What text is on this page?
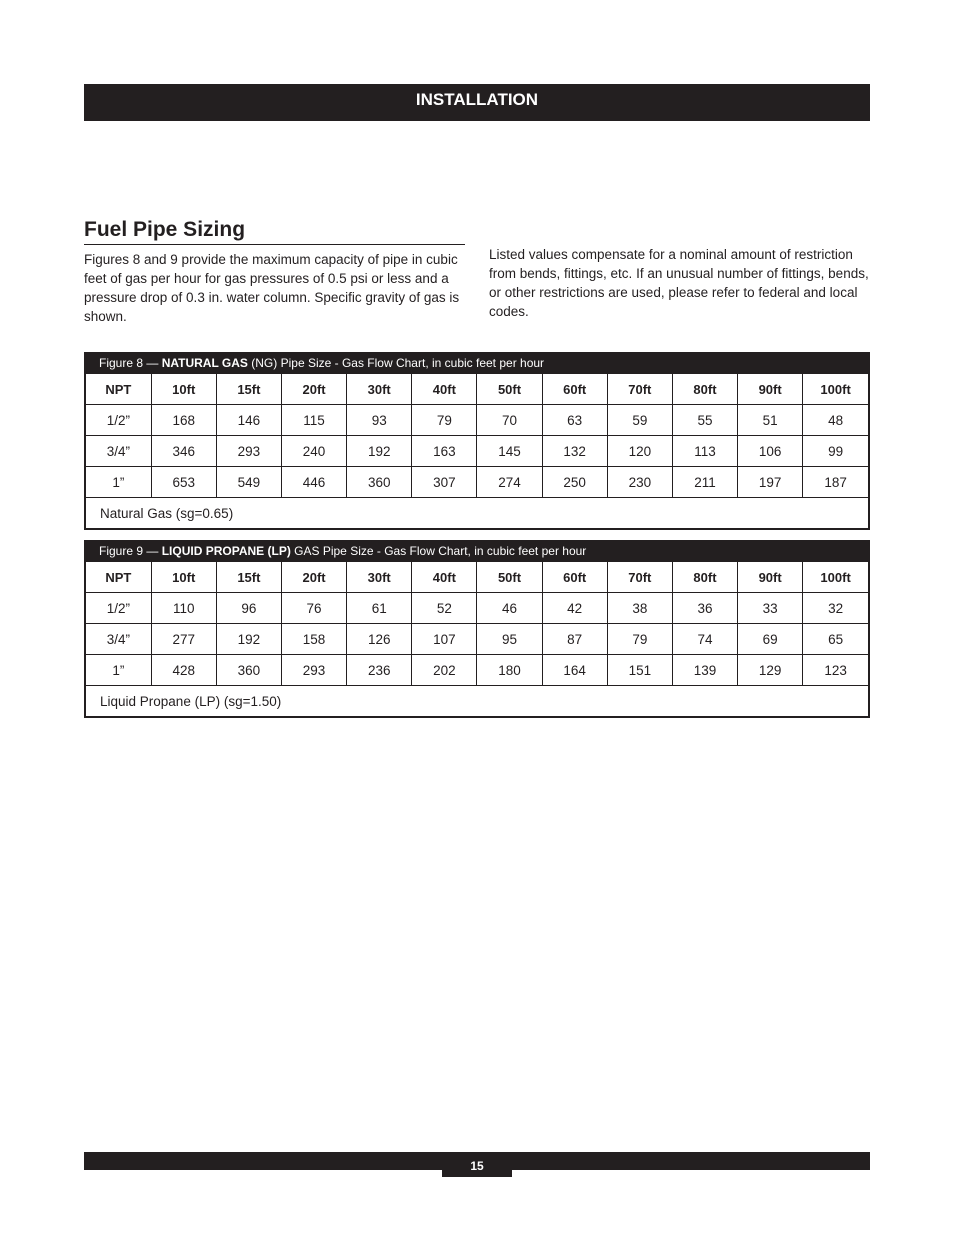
INSTALLATION
Fuel Pipe Sizing
Figures 8 and 9 provide the maximum capacity of pipe in cubic feet of gas per hour for gas pressures of 0.5 psi or less and a pressure drop of 0.3 in. water column. Specific gravity of gas is shown.
Listed values compensate for a nominal amount of restriction from bends, fittings, etc. If an unusual number of fittings, bends, or other restrictions are used, please refer to federal and local codes.
Figure 8 — NATURAL GAS (NG) Pipe Size - Gas Flow Chart, in cubic feet per hour
NPT	10ft	15ft	20ft	30ft	40ft	50ft	60ft	70ft	80ft	90ft	100ft
1/2”	168	146	115	93	79	70	63	59	55	51	48
3/4”	346	293	240	192	163	145	132	120	113	106	99
1”	653	549	446	360	307	274	250	230	211	197	187
Natural Gas (sg=0.65)											
Figure 9 — LIQUID PROPANE (LP) GAS Pipe Size - Gas Flow Chart, in cubic feet per hour
NPT	10ft	15ft	20ft	30ft	40ft	50ft	60ft	70ft	80ft	90ft	100ft
1/2”	110	96	76	61	52	46	42	38	36	33	32
3/4”	277	192	158	126	107	95	87	79	74	69	65
1”	428	360	293	236	202	180	164	151	139	129	123
Liquid Propane (LP) (sg=1.50)											
15
